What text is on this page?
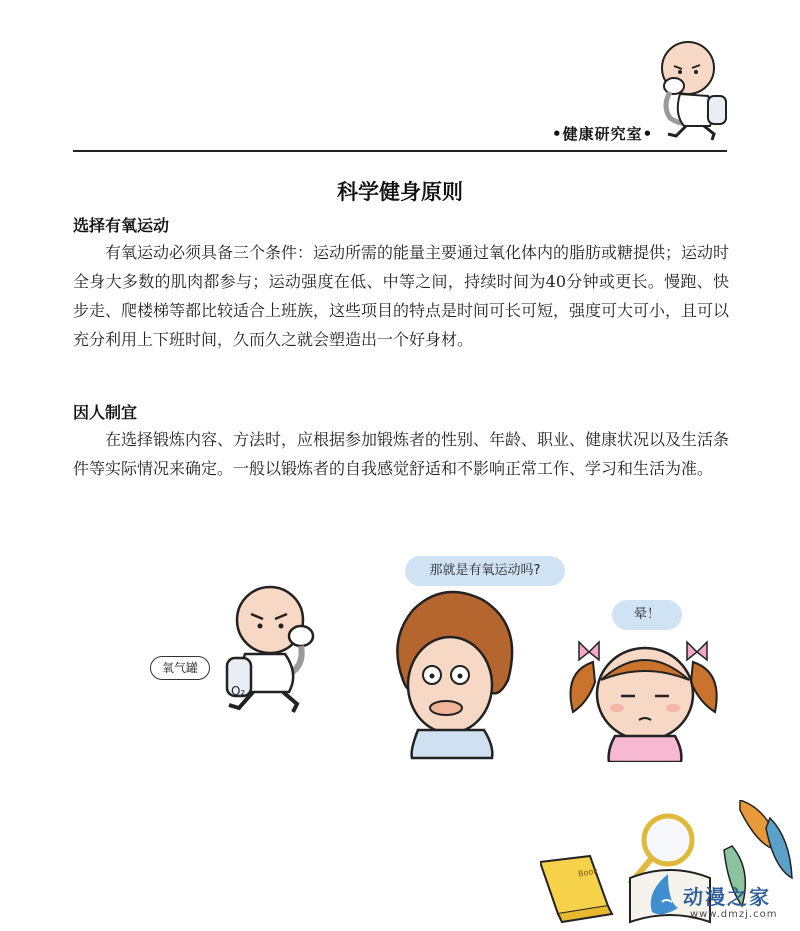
•健康研究室•
科学健身原则
选择有氧运动
有氧运动必须具备三个条件：运动所需的能量主要通过氧化体内的脂肪或糖提供；运动时全身大多数的肌肉都参与；运动强度在低、中等之间，持续时间为40分钟或更长。慢跑、快步走、爬楼梯等都比较适合上班族，这些项目的特点是时间可长可短，强度可大可小，且可以充分利用上下班时间，久而久之就会塑造出一个好身材。
因人制宜
在选择锻炼内容、方法时，应根据参加锻炼者的性别、年龄、职业、健康状况以及生活条件等实际情况来确定。一般以锻炼者的自我感觉舒适和不影响正常工作、学习和生活为准。
氧气罐
O₂
那就是有氧运动吗?
晕！
Book
动漫之家
www.dmzj.com
